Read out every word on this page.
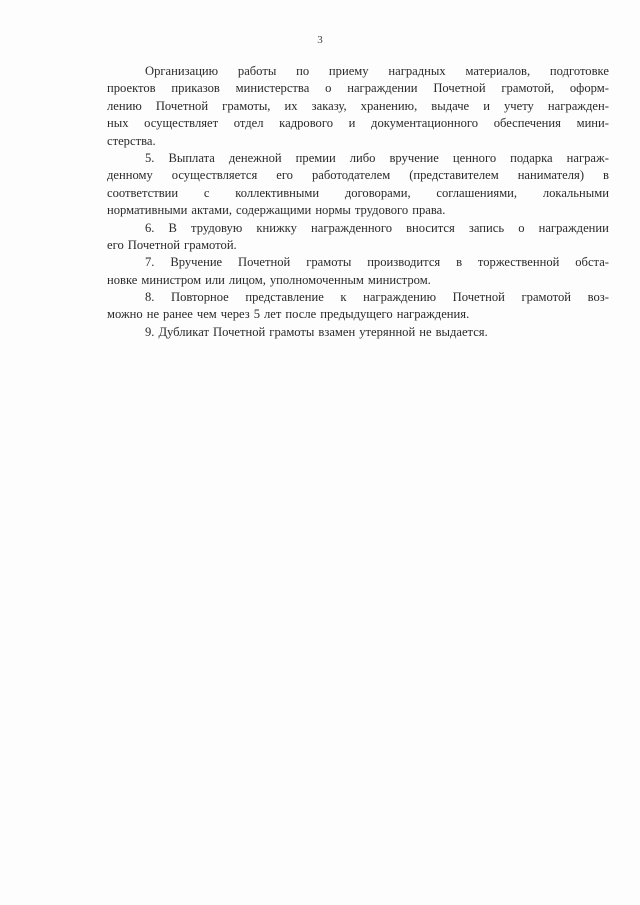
3
Организацию работы по приему наградных материалов, подготовке
проектов приказов министерства о награждении Почетной грамотой, оформ-
лению Почетной грамоты, их заказу, хранению, выдаче и учету награжден-
ных осуществляет отдел кадрового и документационного обеспечения мини-
стерства.
5. Выплата денежной премии либо вручение ценного подарка награж-
денному осуществляется его работодателем (представителем нанимателя) в
соответствии с коллективными договорами, соглашениями, локальными
нормативными актами, содержащими нормы трудового права.
6. В трудовую книжку награжденного вносится запись о награждении
его Почетной грамотой.
7. Вручение Почетной грамоты производится в торжественной обста-
новке министром или лицом, уполномоченным министром.
8. Повторное представление к награждению Почетной грамотой воз-
можно не ранее чем через 5 лет после предыдущего награждения.
9. Дубликат Почетной грамоты взамен утерянной не выдается.
